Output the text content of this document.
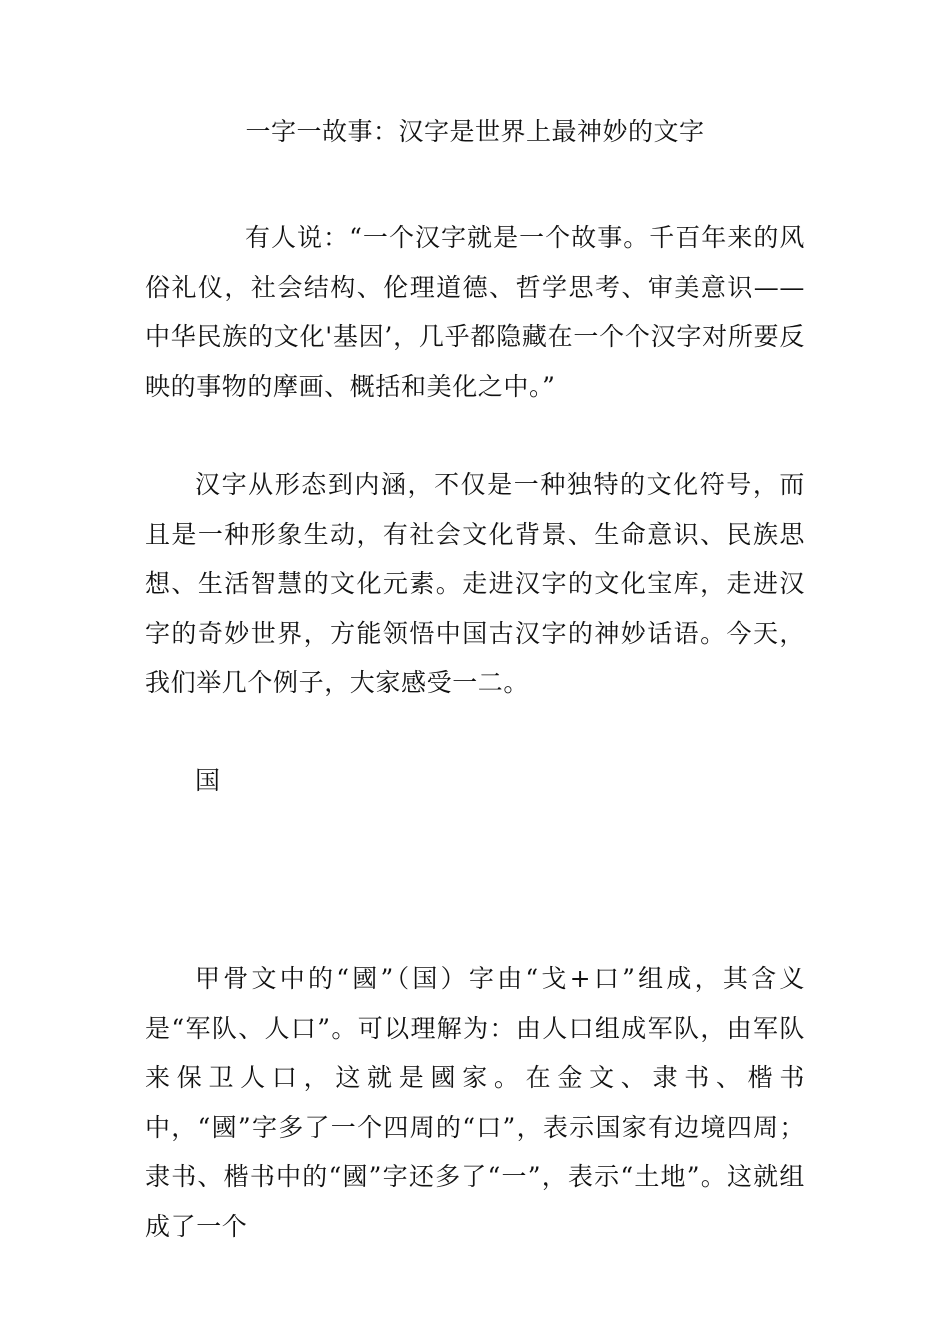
一字一故事：汉字是世界上最神妙的文字

有人说：“一个汉字就是一个故事。千百年来的风俗礼仪，社会结构、伦理道德、哲学思考、审美意识——中华民族的文化'基因’，几乎都隐藏在一个个汉字对所要反映的事物的摩画、概括和美化之中。”

汉字从形态到内涵，不仅是一种独特的文化符号，而且是一种形象生动，有社会文化背景、生命意识、民族思想、生活智慧的文化元素。走进汉字的文化宝库，走进汉字的奇妙世界，方能领悟中国古汉字的神妙话语。今天，我们举几个例子，大家感受一二。

国

甲骨文中的“國”（国）字由“戈+口”组成，其含义是“军队、人口”。可以理解为：由人口组成军队，由军队来保卫人口，这就是國家。在金文、隶书、楷书中，“國”字多了一个四周的“口”，表示国家有边境四周；隶书、楷书中的“國”字还多了“一”，表示“土地”。这就组成了一个
